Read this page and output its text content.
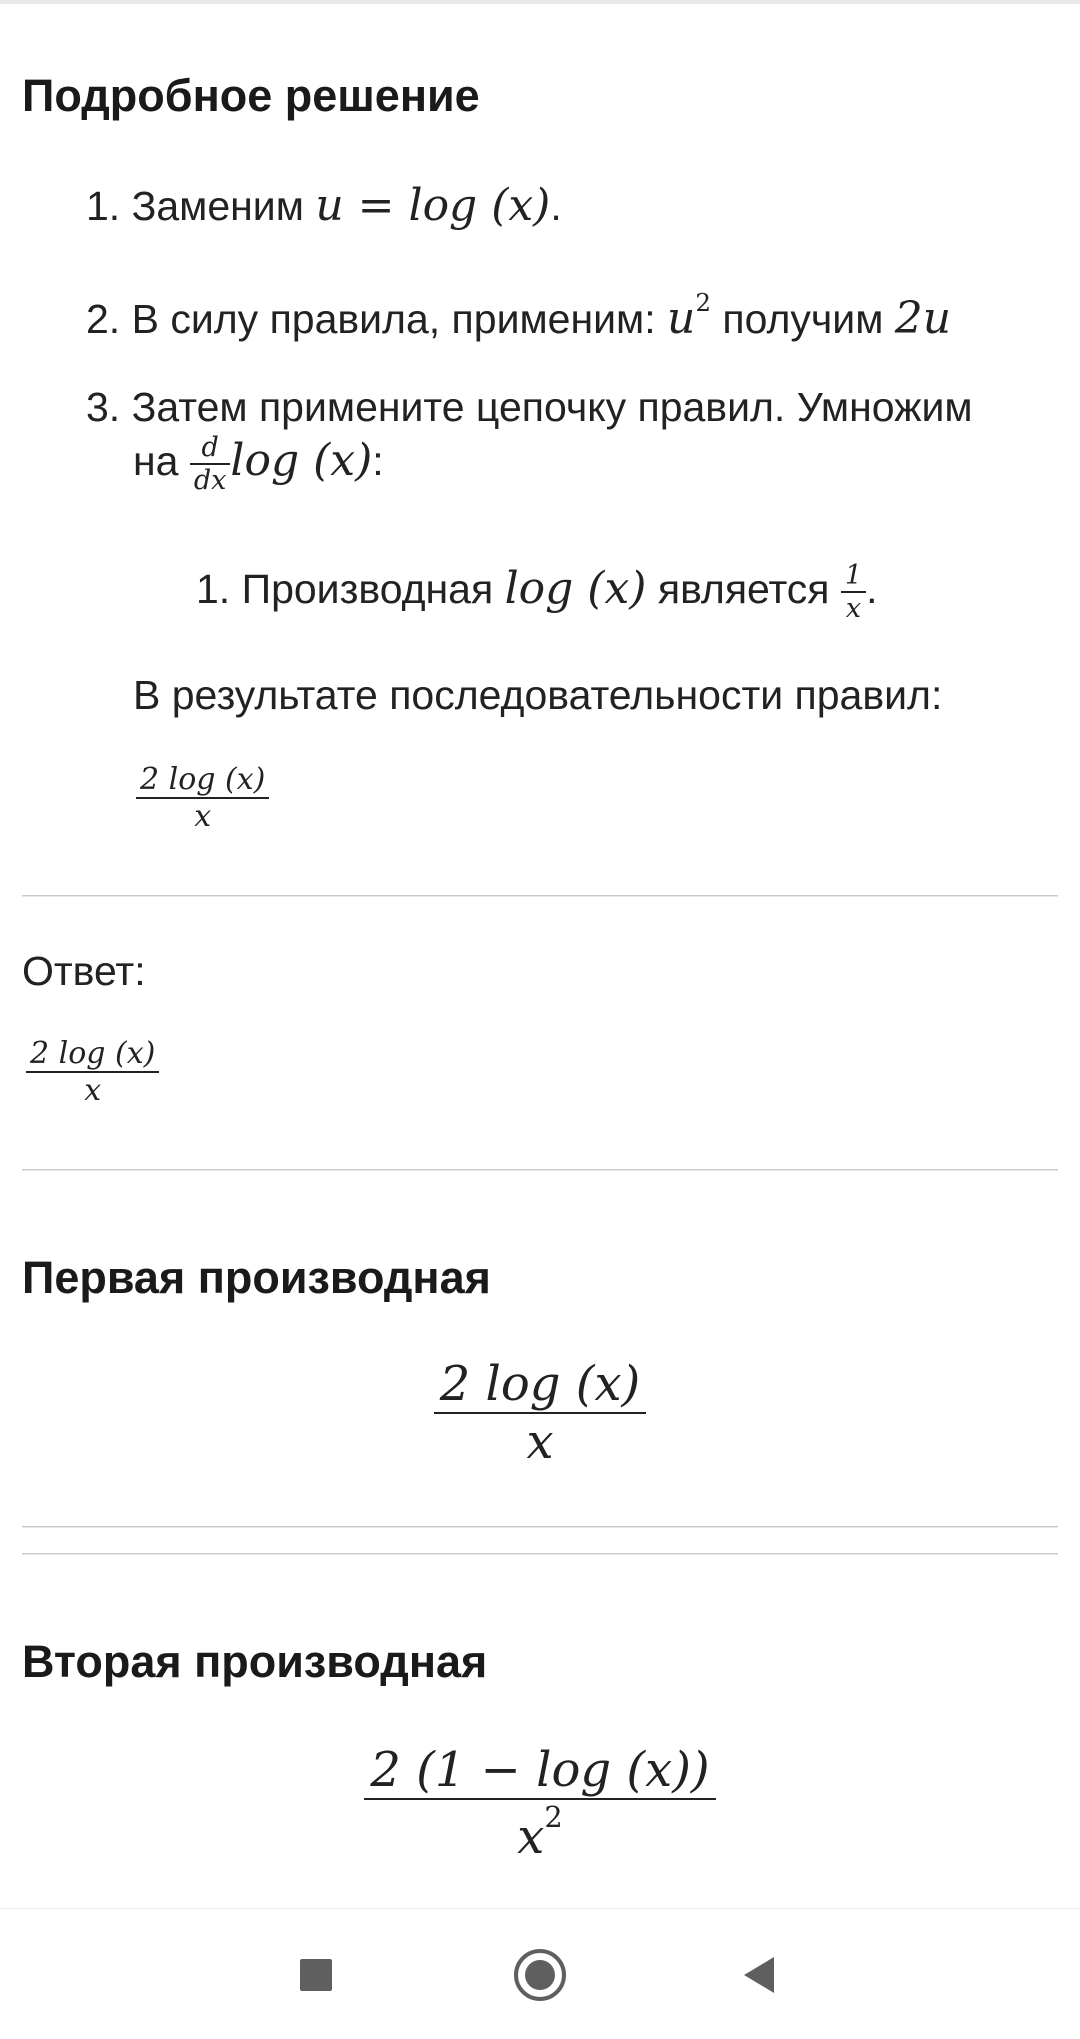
Подробное решение
1. Заменим u = log (x).
2. В силу правила, применим: $u^2$ получим 2u
3. Затем примените цепочку правил. Умножим
на $\frac{d}{dx}$ log (x):
1. Производная log (x) является $\frac{1}{x}$ .
В результате последовательности правил:
$\frac{2 \log (x)}{x}$
Ответ:
$\frac{2 \log (x)}{x}$
Первая производная
$\frac{2 \log (x)}{x}$
Вторая производная
$\frac{2 (1 - \log (x))}{x^2}$
